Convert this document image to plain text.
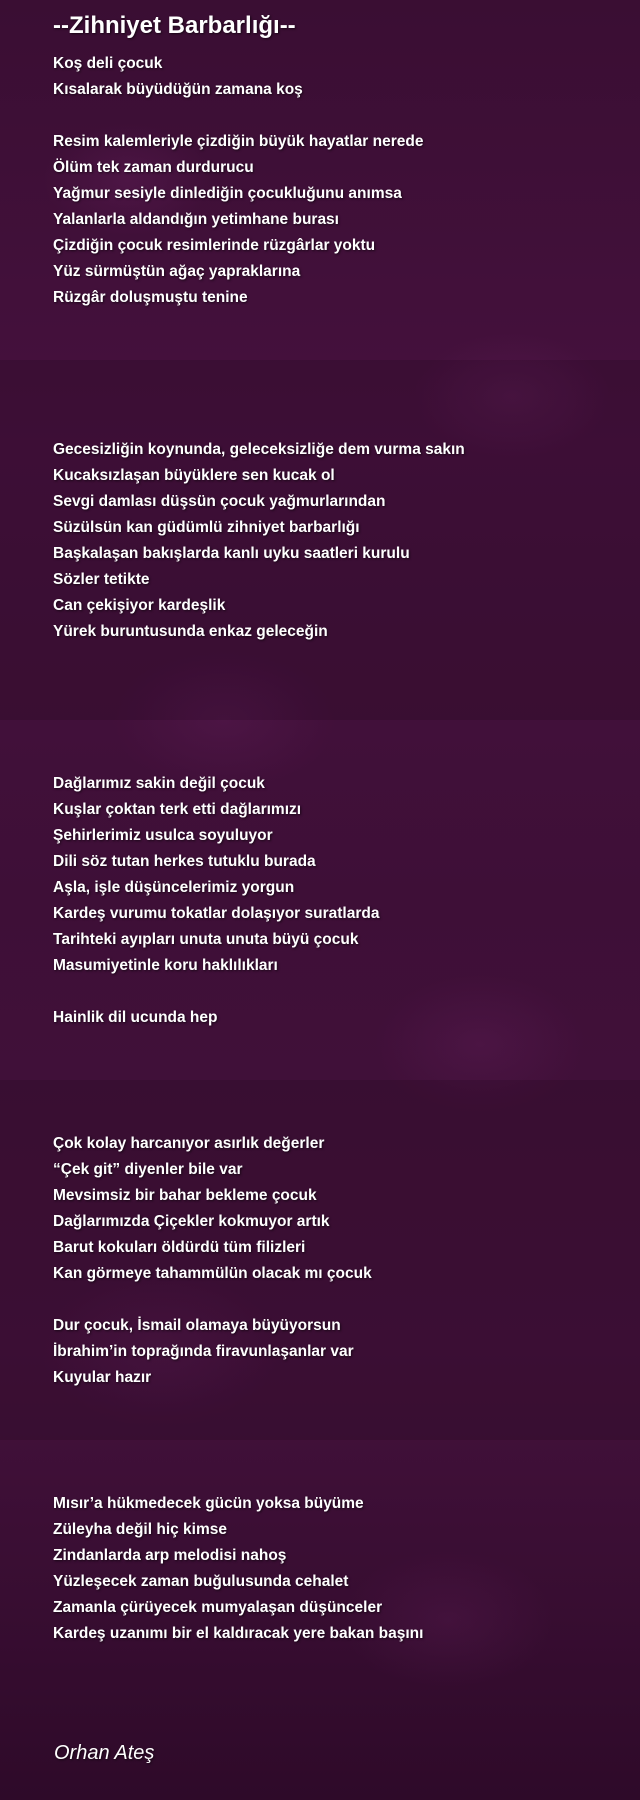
--Zihniyet Barbarlığı--
Koş deli çocuk
Kısalarak büyüdüğün zamana koş
Resim kalemleriyle çizdiğin büyük hayatlar nerede
Ölüm tek zaman durdurucu
Yağmur sesiyle dinlediğin çocukluğunu anımsa
Yalanlarla aldandığın yetimhane burası
Çizdiğin çocuk resimlerinde rüzgârlar yoktu
Yüz sürmüştün ağaç yapraklarına
Rüzgâr doluşmuştu tenine
Gecesizliğin koynunda, geleceksizliğe dem vurma sakın
Kucaksızlaşan büyüklere sen kucak ol
Sevgi damlası düşsün çocuk yağmurlarından
Süzülsün kan güdümlü zihniyet barbarlığı
Başkalaşan bakışlarda kanlı uyku saatleri kurulu
Sözler tetikte
Can çekişiyor kardeşlik
Yürek buruntusunda enkaz geleceğin
Dağlarımız sakin değil çocuk
Kuşlar çoktan terk etti dağlarımızı
Şehirlerimiz usulca soyuluyor
Dili söz tutan herkes tutuklu burada
Aşla, işle düşüncelerimiz yorgun
Kardeş vurumu tokatlar dolaşıyor suratlarda
Tarihteki ayıpları unuta unuta büyü çocuk
Masumiyetinle koru haklılıkları
Hainlik dil ucunda hep
Çok kolay harcanıyor asırlık değerler
“Çek git” diyenler bile var
Mevsimsiz bir bahar bekleme çocuk
Dağlarımızda Çiçekler kokmuyor artık
Barut kokuları öldürdü tüm filizleri
Kan görmeye tahammülün olacak mı çocuk
Dur çocuk, İsmail olamaya büyüyorsun
İbrahim’in toprağında firavunlaşanlar var
Kuyular hazır
Mısır’a hükmedecek gücün yoksa büyüme
Züleyha değil hiç kimse
Zindanlarda arp melodisi nahoş
Yüzleşecek zaman buğulusunda cehalet
Zamanla çürüyecek mumyalaşan düşünceler
Kardeş uzanımı bir el kaldıracak yere bakan başını
Orhan Ateş
